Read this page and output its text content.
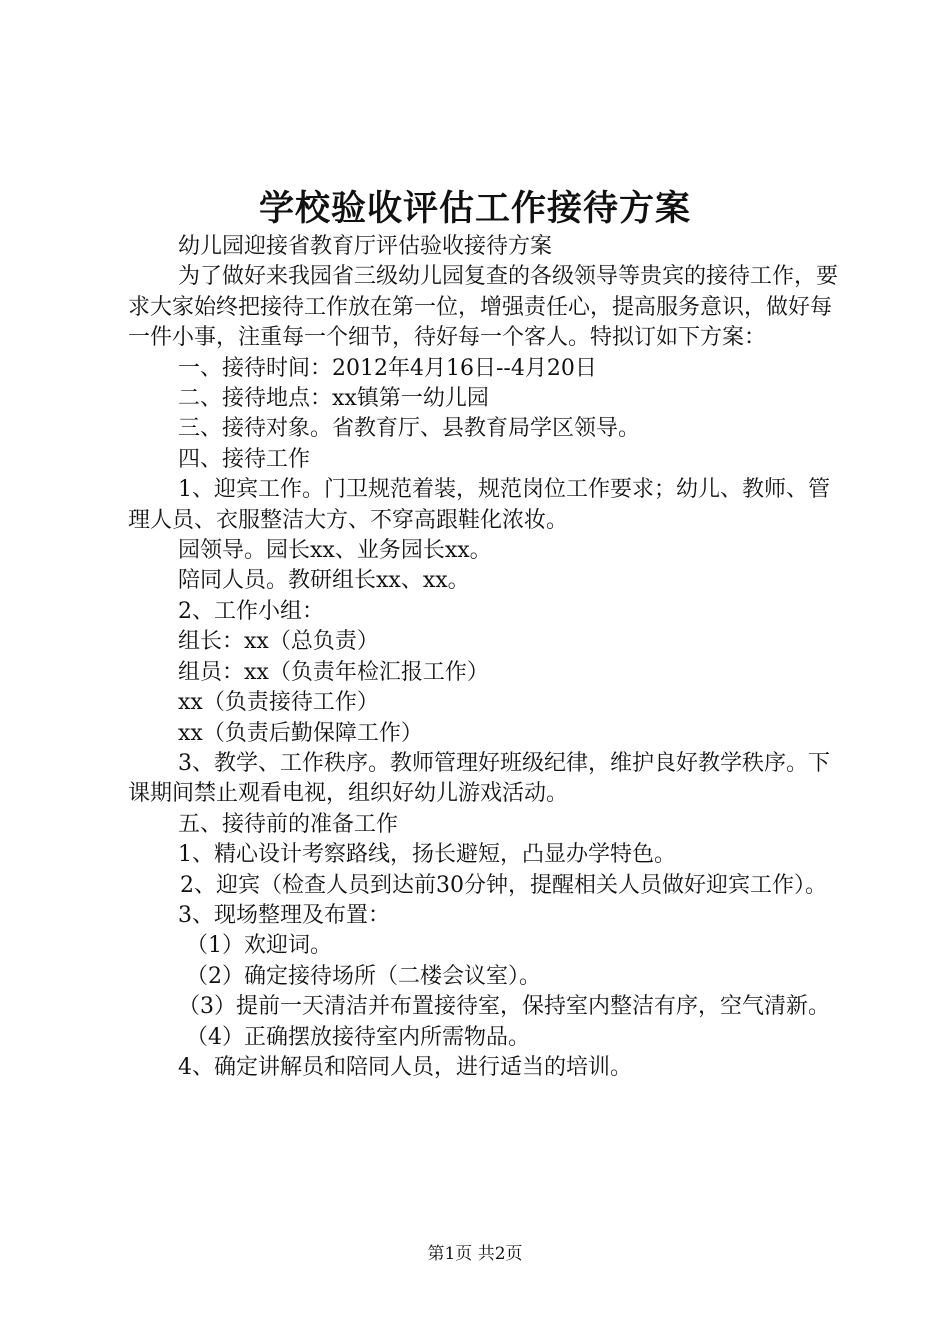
学校验收评估工作接待方案

幼儿园迎接省教育厅评估验收接待方案

为了做好来我园省三级幼儿园复查的各级领导等贵宾的接待工作，要求大家始终把接待工作放在第一位，增强责任心，提高服务意识，做好每一件小事，注重每一个细节，待好每一个客人。特拟订如下方案：

一、接待时间：2012年4月16日--4月20日

二、接待地点：xx镇第一幼儿园

三、接待对象。省教育厅、县教育局学区领导。

四、接待工作

1、迎宾工作。门卫规范着装，规范岗位工作要求；幼儿、教师、管理人员、衣服整洁大方、不穿高跟鞋化浓妆。

园领导。园长xx、业务园长xx。

陪同人员。教研组长xx、xx。

2、工作小组：

组长：xx（总负责）

组员：xx（负责年检汇报工作）

xx（负责接待工作）

xx（负责后勤保障工作）

3、教学、工作秩序。教师管理好班级纪律，维护良好教学秩序。下课期间禁止观看电视，组织好幼儿游戏活动。

五、接待前的准备工作

1、精心设计考察路线，扬长避短，凸显办学特色。

2、迎宾（检查人员到达前30分钟，提醒相关人员做好迎宾工作）。

3、现场整理及布置：

（1）欢迎词。

（2）确定接待场所（二楼会议室）。

（3）提前一天清洁并布置接待室，保持室内整洁有序，空气清新。

（4）正确摆放接待室内所需物品。

4、确定讲解员和陪同人员，进行适当的培训。

第1页 共2页
